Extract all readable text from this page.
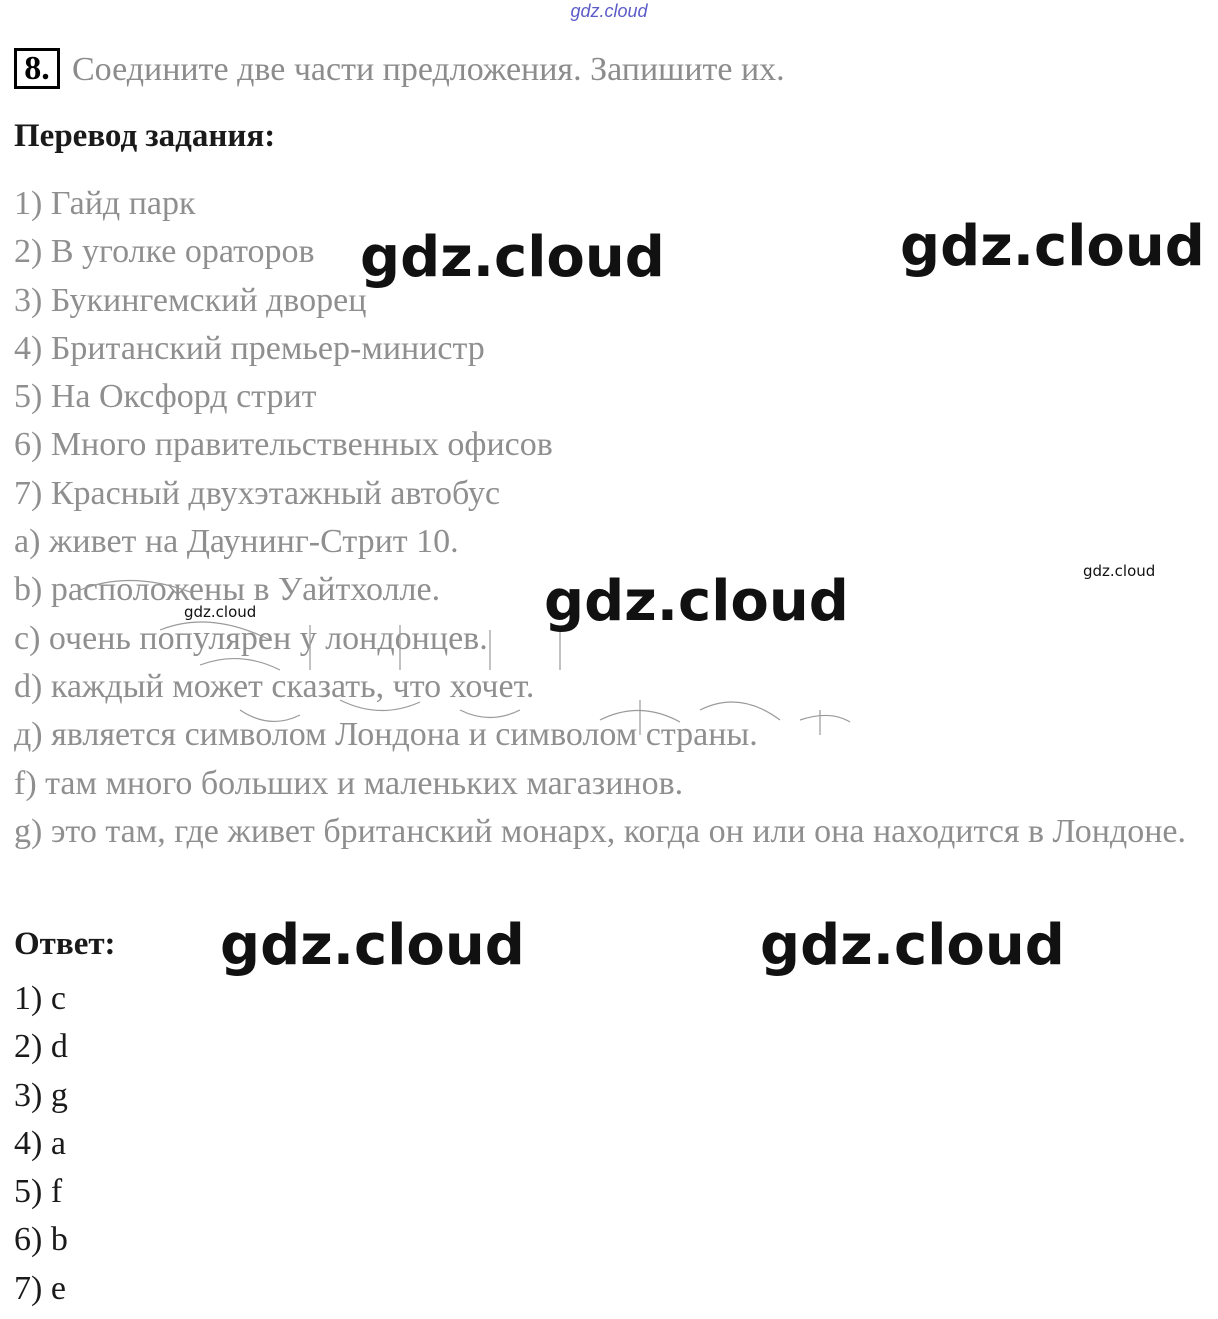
gdz.cloud
8. Соедините две части предложения. Запишите их.
Перевод задания:
1) Гайд парк
2) В уголке ораторов
3) Букингемский дворец
4) Британский премьер-министр
5) На Оксфорд стрит
6) Много правительственных офисов
7) Красный двухэтажный автобус
a) живет на Даунинг-Стрит 10.
b) расположены в Уайтхолле.
c) очень популярен у лондонцев.
d) каждый может сказать, что хочет.
д) является символом Лондона и символом страны.
f) там много больших и маленьких магазинов.
g) это там, где живет британский монарх, когда он или она находится в Лондоне.
Ответ:
1) c
2) d
3) g
4) a
5) f
6) b
7) e
gdz.cloud	gdz.cloud
gdz.cloud
gdz.cloud	gdz.cloud
gdz.cloud
gdz.cloud
